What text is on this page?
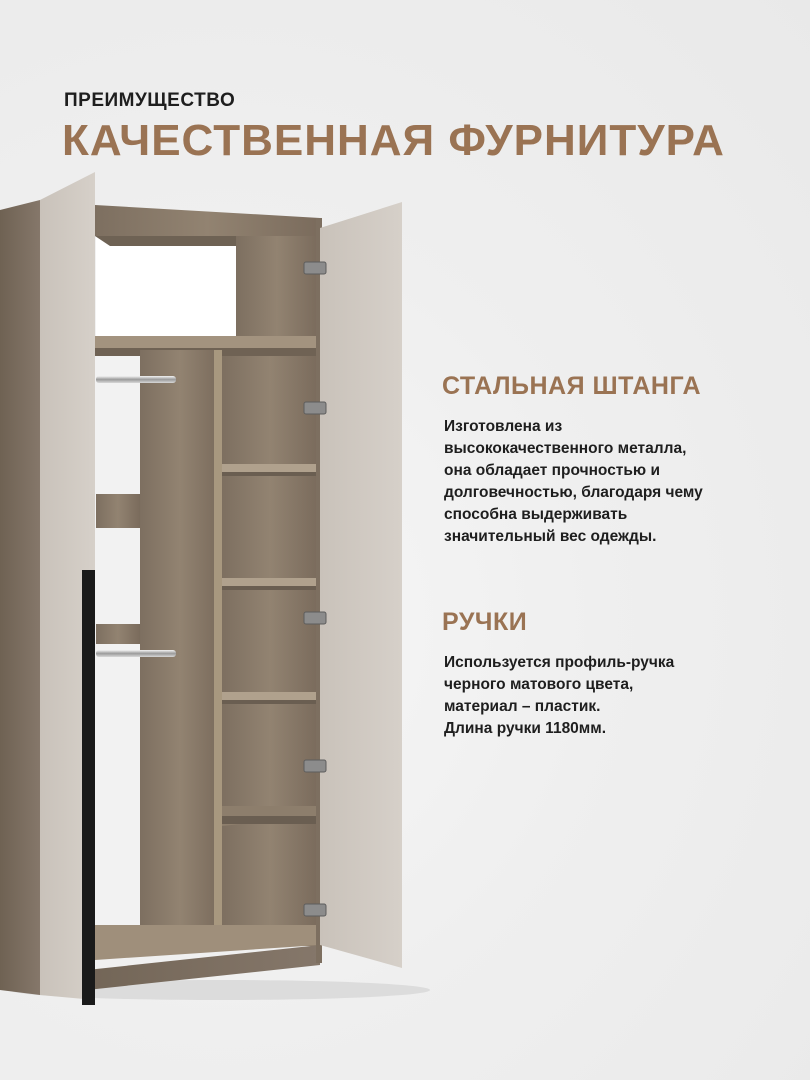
ПРЕИМУЩЕСТВО
КАЧЕСТВЕННАЯ ФУРНИТУРА
СТАЛЬНАЯ ШТАНГА
Изготовлена из
высококачественного металла,
она обладает прочностью и
долговечностью, благодаря чему
способна выдерживать
значительный вес одежды.
РУЧКИ
Используется профиль-ручка
черного матового цвета,
материал – пластик.
Длина ручки 1180мм.
